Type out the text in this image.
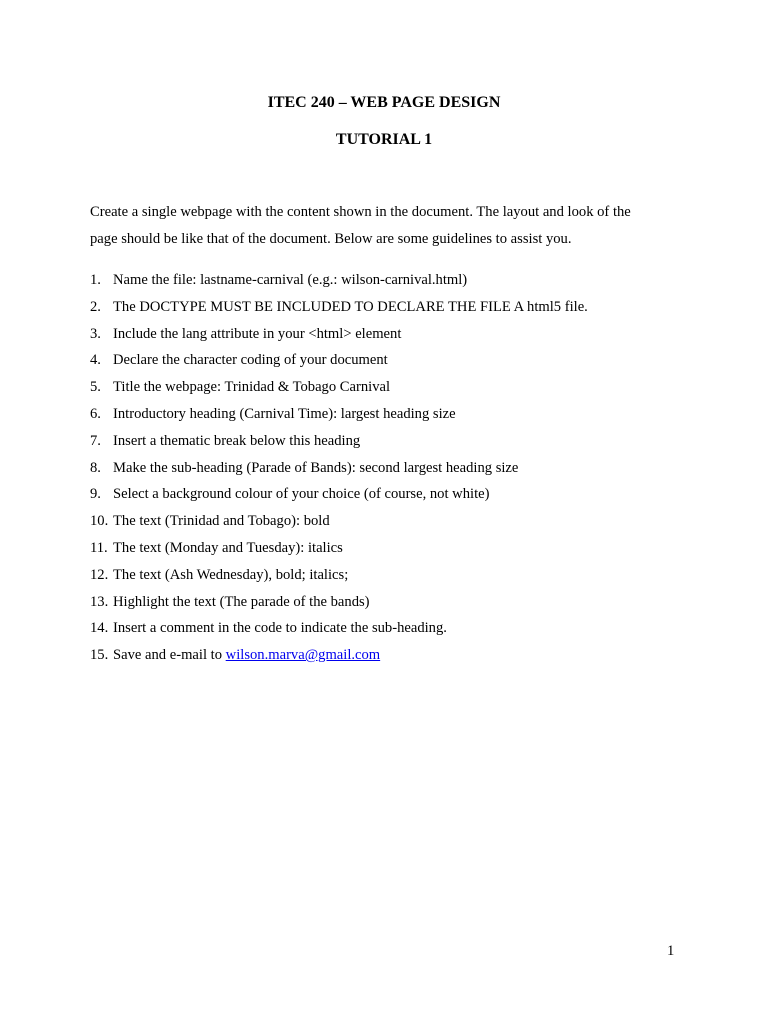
ITEC 240 – WEB PAGE DESIGN
TUTORIAL 1

Create a single webpage with the content shown in the document. The layout and look of the

page should be like that of the document. Below are some guidelines to assist you.

1. Name the file: lastname-carnival (e.g.: wilson-carnival.html)
2. The DOCTYPE MUST BE INCLUDED TO DECLARE THE FILE A html5 file.
3. Include the lang attribute in your <html> element
4. Declare the character coding of your document
5. Title the webpage: Trinidad & Tobago Carnival
6. Introductory heading (Carnival Time): largest heading size
7. Insert a thematic break below this heading
8. Make the sub-heading (Parade of Bands): second largest heading size
9. Select a background colour of your choice (of course, not white)
10. The text (Trinidad and Tobago): bold
11. The text (Monday and Tuesday): italics
12. The text (Ash Wednesday), bold; italics;
13. Highlight the text (The parade of the bands)
14. Insert a comment in the code to indicate the sub-heading.
15. Save and e-mail to wilson.marva@gmail.com
1
